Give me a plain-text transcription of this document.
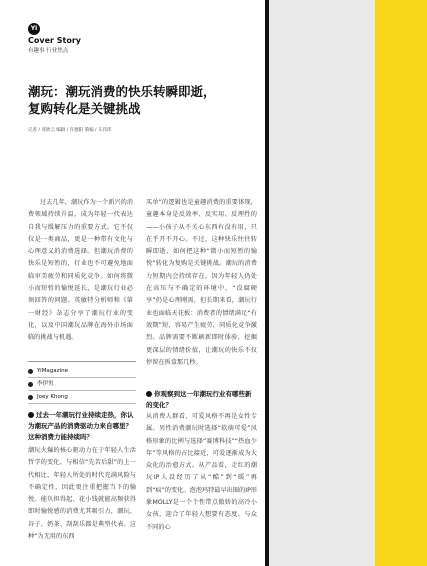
YI
Cover Story
有趣事 行业焦点
潮玩：潮玩消费的快乐转瞬即逝，
复购转化是关键挑战
记者 / 邓欣云 编辑 / 许德阳 策编 / 车玮玮
过去几年，潮玩作为一个新兴的消费领域持续升温，成为年轻一代表达自我与缓解压力的重要方式。它不仅仅是一类商品，更是一种带有文化与心理意义的消费选择。但潮玩消费的快乐是短暂的，行业也不可避免地面临审美疲劳和同质化竞争。如何将微小而短暂的愉悦延长，是潮玩行业必须回答的问题。英敏特分析师和《第一财经》杂志分享了潮玩行业的变化，以及中国潮玩品牌在海外市场面临的挑战与机遇。
YiMagazine
李伊男
Joey Khong
过去一年潮玩行业持续走热，你认为潮玩产品的消费驱动力来自哪里？这种消费力能持续吗？
潮玩火爆的核心驱动力在于年轻人生活哲学的变化。与相信“先苦后甜”的上一代相比，年轻人所处的时代充满风险与不确定性，因此更注重把握当下的愉悦。能负担得起、花小钱就能高频获得即时愉悦感的消费尤其吸引力，潮玩、谷子、奶茶、刮刮乐都是典型代表。这种“为无用的东西
买单”的逻辑也是童趣消费的重要体现，童趣本身是反效率、反实用、反理性的——小孩子从不关心东西有没有用，只在乎开不开心。不过，这种快乐往往转瞬即逝，如何把这种“微小而短暂的愉悦”转化为复购是关键挑战。潮玩的消费力短期内会持续存在，因为年轻人仍处在高压与不确定的环境中，“没腐硬享”仍是心理刚需，但长期来看，潮玩行业也面临天花板：消费者的情绪满足“有效期”短，容易产生疲劳，同质化竞争激烈。品牌需要不断刷新即时体验，挖掘更深层的情绪价值，让潮玩的快乐不仅停留在拆盒那几秒。
你观察到这一年潮玩行业有哪些新的变化？
从消费人群看，可爱风格不再是女性专属。男性消费潮玩时选择“软萌可爱”风格形象的比例与选择“赛博科技”“热血少年”等风格的占比接近，可爱逐渐成为大众化的治愈方式。从产品看，走红的潮玩IP人设经历了从“酷”到“暖”再到“疯”的变化。泡泡玛特最早出圈的IP形象MOLLY是一个个性带点傲娇的高冷小女孩，迎合了年轻人想要有态度、与众不同的心
